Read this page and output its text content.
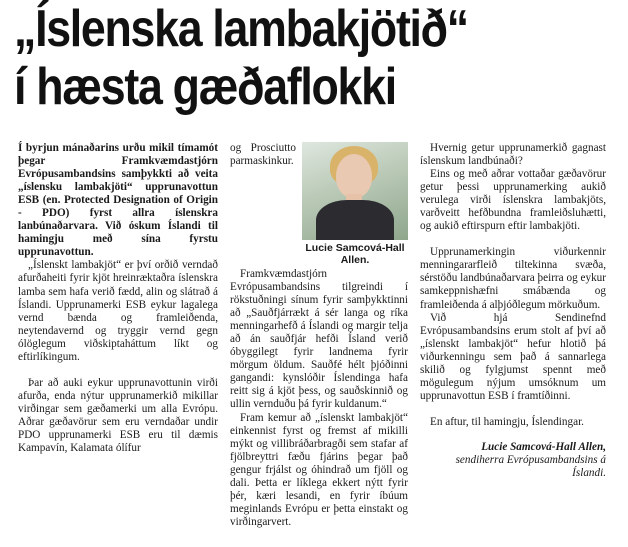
„Íslenska lambakjötið“
í hæsta gæðaflokki

Í byrjun mánaðarins urðu mikil tímamót þegar Framkvæmdastjórn Evrópusambandsins samþykkti að veita „íslensku lambakjöti“ upprunavottun ESB (en. Protected Designation of Origin - PDO) fyrst allra íslenskra lanbúnaðarvara. Við óskum Íslandi til hamingju með sína fyrstu upprunavottun.

„Íslenskt lambakjöt“ er því orðið verndað afurðaheiti fyrir kjöt hreinræktaðra íslenskra lamba sem hafa verið fædd, alin og slátrað á Íslandi. Upprunamerki ESB eykur lagalega vernd bænda og framleiðenda, neytendavernd og tryggir vernd gegn ólöglegum viðskiptaháttum líkt og eftirlíkingum.

Þar að auki eykur upprunavottunin virði afurða, enda nýtur upprunamerkið mikillar virðingar sem gæðamerki um alla Evrópu. Aðrar gæðavörur sem eru verndaðar undir PDO upprunamerki ESB eru til dæmis Kampavín, Kalamata ólífur

Lucie Samcová-Hall Allen.

og Prosciutto parmaskinkur.

Framkvæmdastjórn Evrópusambandsins tilgreindi í rökstuðningi sínum fyrir samþykktinni að „Sauðfjárrækt á sér langa og ríka menningarhefð á Íslandi og margir telja að án sauðfjár hefði Ísland verið óbyggilegt fyrir landnema fyrir mörgum öldum. Sauðfé hélt þjóðinni gangandi: kynslóðir Íslendinga hafa reitt sig á kjöt þess, og sauðskinnið og ullin vernduðu þá fyrir kuldanum.“

Fram kemur að „íslenskt lambakjöt“ einkennist fyrst og fremst af mikilli mýkt og villibráðarbragði sem stafar af fjölbreyttri fæðu fjárins þegar það gengur frjálst og óhindrað um fjöll og dali. Þetta er líklega ekkert nýtt fyrir þér, kæri lesandi, en fyrir íbúum meginlands Evrópu er þetta einstakt og virðingarvert.

Hvernig getur upprunamerkið gagnast íslenskum landbúnaði?

Eins og með aðrar vottaðar gæðavörur getur þessi upprunamerking aukið verulega virði íslenskra lambakjöts, varðveitt hefðbundna framleiðsluhætti, og aukið eftirspurn eftir lambakjöti.

Upprunamerkingin viðurkennir menningararfleið tiltekinna svæða, sérstöðu landbúnaðarvara þeirra og eykur samkeppnishæfni smábænda og framleiðenda á alþjóðlegum mörkuðum.

Við hjá Sendinefnd Evrópusambandsins erum stolt af því að „íslenskt lambakjöt“ hefur hlotið þá viðurkenningu sem það á sannarlega skilið og fylgjumst spennt með mögulegum nýjum umsóknum um upprunavottun ESB í framtíðinni.

En aftur, til hamingju, Íslendingar.

Lucie Samcová-Hall Allen,
sendiherra Evrópusambandsins á Íslandi.
